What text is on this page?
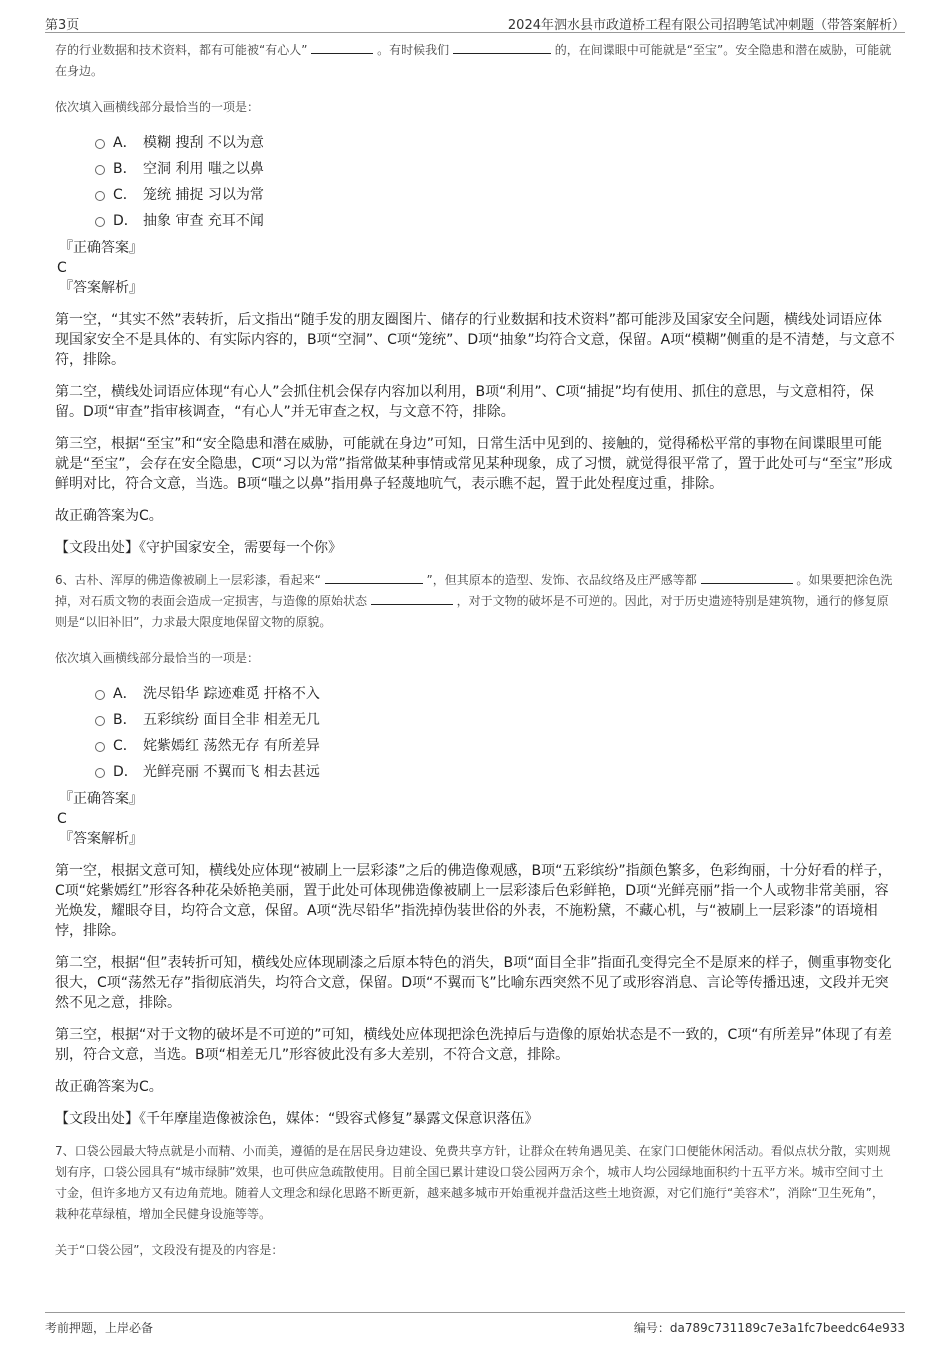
第3页	2024年泗水县市政道桥工程有限公司招聘笔试冲刺题（带答案解析）
存的行业数据和技术资料，都有可能被“有心人”	。有时候我们	的，在间谍眼中可能就是“至宝”。安全隐患和潜在威胁，可能就在身边。
依次填入画横线部分最恰当的一项是：
A． 模糊 搜刮 不以为意
B． 空洞 利用 嗤之以鼻
C． 笼统 捕捉 习以为常
D． 抽象 审查 充耳不闻
『正确答案』
C
『答案解析』
第一空，“其实不然”表转折，后文指出“随手发的朋友圈图片、储存的行业数据和技术资料”都可能涉及国家安全问题，横线处词语应体现国家安全不是具体的、有实际内容的，B项“空洞”、C项“笼统”、D项“抽象”均符合文意，保留。A项“模糊”侧重的是不清楚，与文意不符，排除。
第二空，横线处词语应体现“有心人”会抓住机会保存内容加以利用，B项“利用”、C项“捕捉”均有使用、抓住的意思，与文意相符，保留。D项“审查”指审核调查，“有心人”并无审查之权，与文意不符，排除。
第三空，根据“至宝”和“安全隐患和潜在威胁，可能就在身边”可知，日常生活中见到的、接触的，觉得稀松平常的事物在间谍眼里可能就是“至宝”，会存在安全隐患，C项“习以为常”指常做某种事情或常见某种现象，成了习惯，就觉得很平常了，置于此处可与“至宝”形成鲜明对比，符合文意，当选。B项“嗤之以鼻”指用鼻子轻蔑地吭气，表示瞧不起，置于此处程度过重，排除。
故正确答案为C。
【文段出处】《守护国家安全，需要每一个你》
6、古朴、浑厚的佛造像被刷上一层彩漆，看起来“	”，但其原本的造型、发饰、衣品纹络及庄严感等都	。如果要把涂色洗掉，对石质文物的表面会造成一定损害，与造像的原始状态	，对于文物的破坏是不可逆的。因此，对于历史遗迹特别是建筑物，通行的修复原则是“以旧补旧”，力求最大限度地保留文物的原貌。
依次填入画横线部分最恰当的一项是：
A． 洗尽铅华 踪迹难觅 扞格不入
B． 五彩缤纷 面目全非 相差无几
C． 姹紫嫣红 荡然无存 有所差异
D． 光鲜亮丽 不翼而飞 相去甚远
『正确答案』
C
『答案解析』
第一空，根据文意可知，横线处应体现“被刷上一层彩漆”之后的佛造像观感，B项“五彩缤纷”指颜色繁多，色彩绚丽，十分好看的样子，C项“姹紫嫣红”形容各种花朵娇艳美丽，置于此处可体现佛造像被刷上一层彩漆后色彩鲜艳，D项“光鲜亮丽”指一个人或物非常美丽，容光焕发，耀眼夺目，均符合文意，保留。A项“洗尽铅华”指洗掉伪装世俗的外表，不施粉黛，不藏心机，与“被刷上一层彩漆”的语境相悖，排除。
第二空，根据“但”表转折可知，横线处应体现刷漆之后原本特色的消失，B项“面目全非”指面孔变得完全不是原来的样子，侧重事物变化很大，C项“荡然无存”指彻底消失，均符合文意，保留。D项“不翼而飞”比喻东西突然不见了或形容消息、言论等传播迅速，文段并无突然不见之意，排除。
第三空，根据“对于文物的破坏是不可逆的”可知，横线处应体现把涂色洗掉后与造像的原始状态是不一致的，C项“有所差异”体现了有差别，符合文意，当选。B项“相差无几”形容彼此没有多大差别，不符合文意，排除。
故正确答案为C。
【文段出处】《千年摩崖造像被涂色，媒体：“毁容式修复”暴露文保意识落伍》
7、口袋公园最大特点就是小而精、小而美，遵循的是在居民身边建设、免费共享方针，让群众在转角遇见美、在家门口便能休闲活动。看似点状分散，实则规划有序，口袋公园具有“城市绿肺”效果，也可供应急疏散使用。目前全国已累计建设口袋公园两万余个，城市人均公园绿地面积约十五平方米。城市空间寸土寸金，但许多地方又有边角荒地。随着人文理念和绿化思路不断更新，越来越多城市开始重视并盘活这些土地资源，对它们施行“美容术”，消除“卫生死角”，栽种花草绿植，增加全民健身设施等等。
关于“口袋公园”，文段没有提及的内容是：
考前押题，上岸必备	编号：da789c731189c7e3a1fc7beedc64e933
